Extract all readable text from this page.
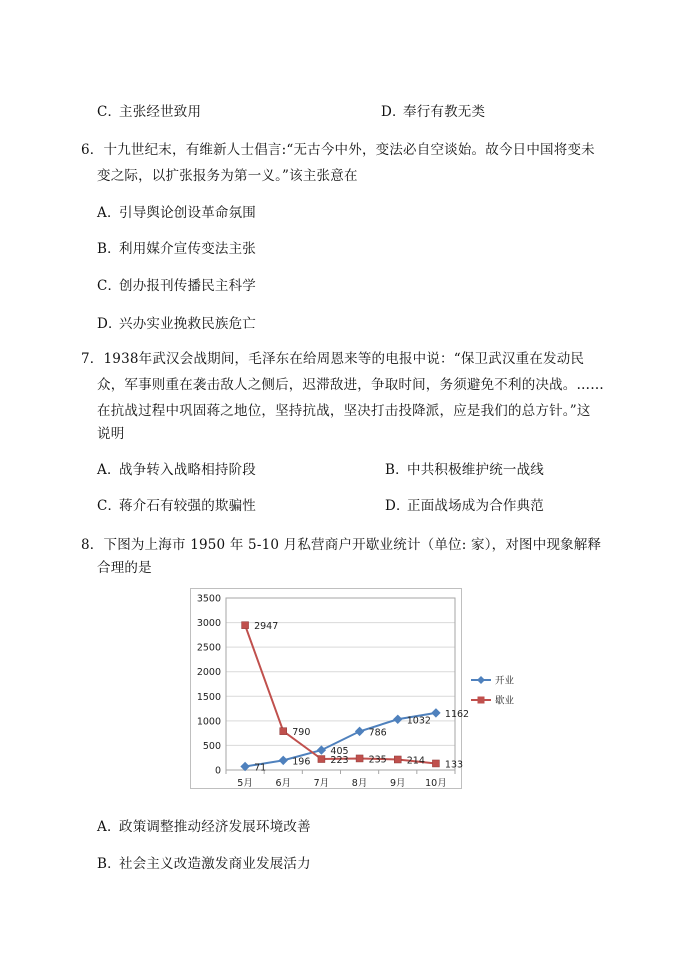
C．主张经世致用	D．奉行有教无类
6．十九世纪末，有维新人士倡言:“无古今中外，变法必自空谈始。故今日中国将变未
变之际，以扩张报务为第一义。”该主张意在
A．引导舆论创设革命氛围
B．利用媒介宣传变法主张
C．创办报刊传播民主科学
D．兴办实业挽救民族危亡
7．1938年武汉会战期间，毛泽东在给周恩来等的电报中说：“保卫武汉重在发动民
众，军事则重在袭击敌人之侧后，迟滞敌进，争取时间，务须避免不利的决战。……
在抗战过程中巩固蒋之地位，坚持抗战，坚决打击投降派，应是我们的总方针。”这
说明
A．战争转入战略相持阶段	B．中共积极维护统一战线
C．蒋介石有较强的欺骗性	D．正面战场成为合作典范
8．下图为上海市 1950 年 5-10 月私营商户开歇业统计（单位: 家），对图中现象解释
合理的是
0
500
1000
1500
2000
2500
3000
3500
5月 6月 7月 8月 9月 10月
71
196
405
786
1032
1162
2947
790
223 235 214 133
开业
歇业
A．政策调整推动经济发展环境改善
B．社会主义改造激发商业发展活力
